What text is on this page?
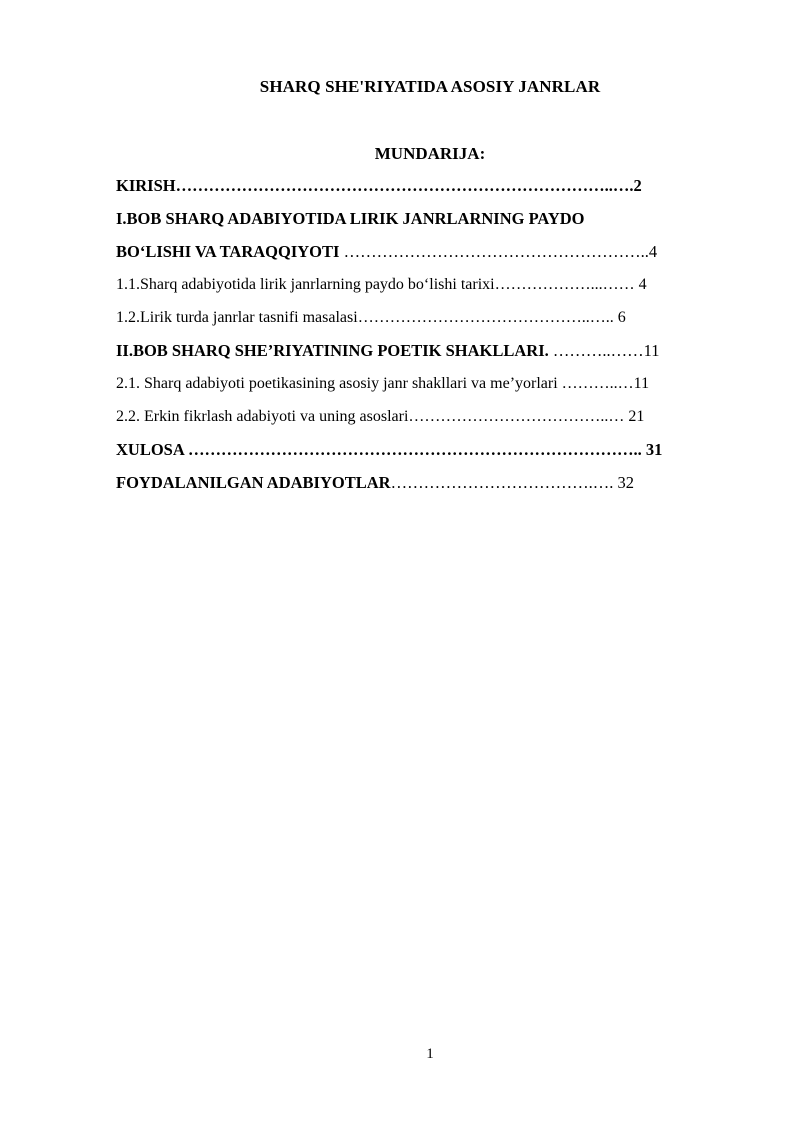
SHARQ SHE'RIYATIDA ASOSIY JANRLAR
MUNDARIJA:
KIRISH……………………………………………………………………..….2
I.BOB SHARQ ADABIYOTIDA LIRIK JANRLARNING PAYDO
BO‘LISHI VA TARAQQIYOTI ………………………………………………..4
1.1.Sharq adabiyotida lirik janrlarning paydo bo‘lishi tarixi………………...…… 4
1.2.Lirik turda janrlar tasnifi masalasi……………………………………..….. 6
II.BOB SHARQ SHE’RIYATINING POETIK SHAKLLARI. ………..……11
2.1. Sharq adabiyoti poetikasining asosiy janr shakllari va me’yorlari ………..…11
2.2. Erkin fikrlash adabiyoti va uning asoslari………………………………..… 21
XULOSA ……………………………………………………………………….. 31
FOYDALANILGAN ADABIYOTLAR……………………………….…. 32
1
